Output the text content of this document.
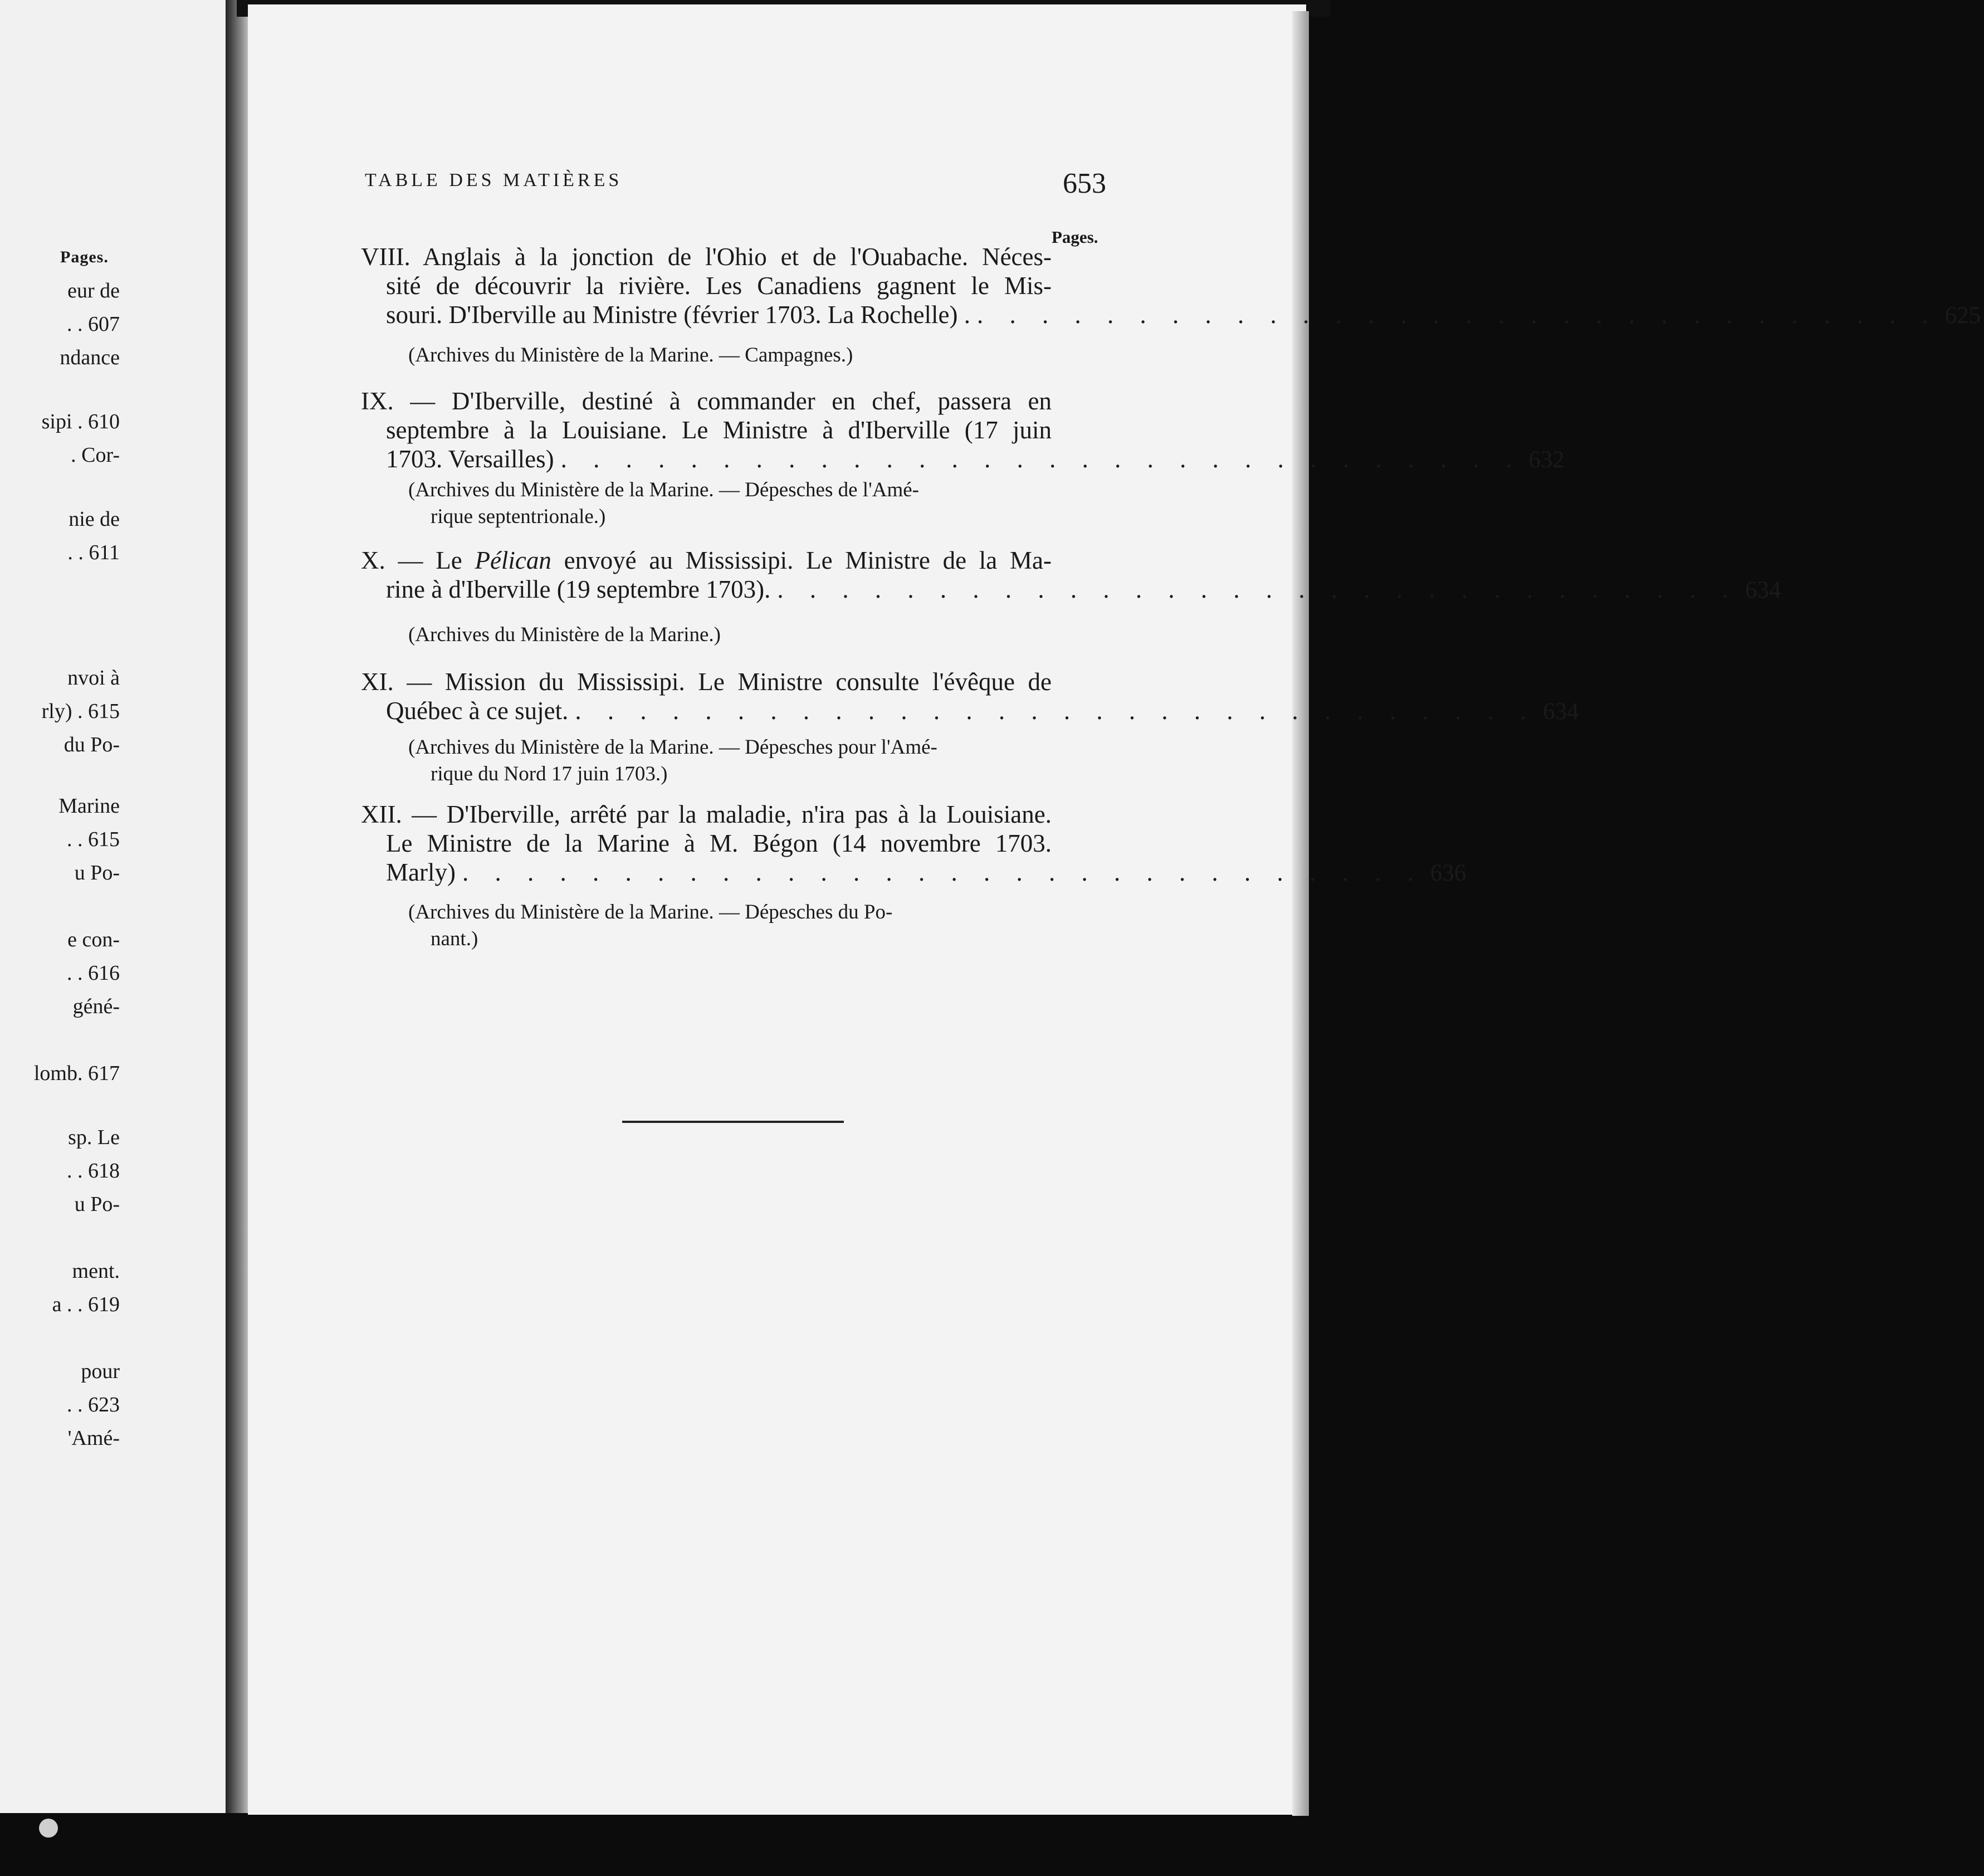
Pages.
eur de
. . 607
ndance
sipi . 610
. Cor-
nie de
. . 611
nvoi à
rly) . 615
du Po-
Marine
. . 615
u Po-
e con-
. . 616
géné-
lomb. 617
sp. Le
. . 618
u Po-
ment.
a . . 619
pour
. . 623
'Amé-
TABLE DES MATIÈRES	653
Pages.
VIII. Anglais à la jonction de l'Ohio et de l'Ouabache. Néces-
sité de découvrir la rivière. Les Canadiens gagnent le Mis-
souri. D'Iberville au Ministre (février 1703. La Rochelle) . . . . . . . . . . . . . . . . . . . . . . . . . . . . . . . 625
(Archives du Ministère de la Marine. — Campagnes.)
IX. — D'Iberville, destiné à commander en chef, passera en
septembre à la Louisiane. Le Ministre à d'Iberville (17 juin
1703. Versailles) . . . . . . . . . . . . . . . . . . . . . . . . . . . . . . 632
(Archives du Ministère de la Marine. — Dépesches de l'Amé-
rique septentrionale.)
X. — Le Pélican envoyé au Mississipi. Le Ministre de la Ma-
rine à d'Iberville (19 septembre 1703). . . . . . . . . . . . . . . . . . . . . . . . . . . . . . . 634
(Archives du Ministère de la Marine.)
XI. — Mission du Mississipi. Le Ministre consulte l'évêque de
Québec à ce sujet. . . . . . . . . . . . . . . . . . . . . . . . . . . . . . . 634
(Archives du Ministère de la Marine. — Dépesches pour l'Amé-
rique du Nord 17 juin 1703.)
XII. — D'Iberville, arrêté par la maladie, n'ira pas à la Louisiane.
Le Ministre de la Marine à M. Bégon (14 novembre 1703.
Marly) . . . . . . . . . . . . . . . . . . . . . . . . . . . . . . 636
(Archives du Ministère de la Marine. — Dépesches du Po-
nant.)
